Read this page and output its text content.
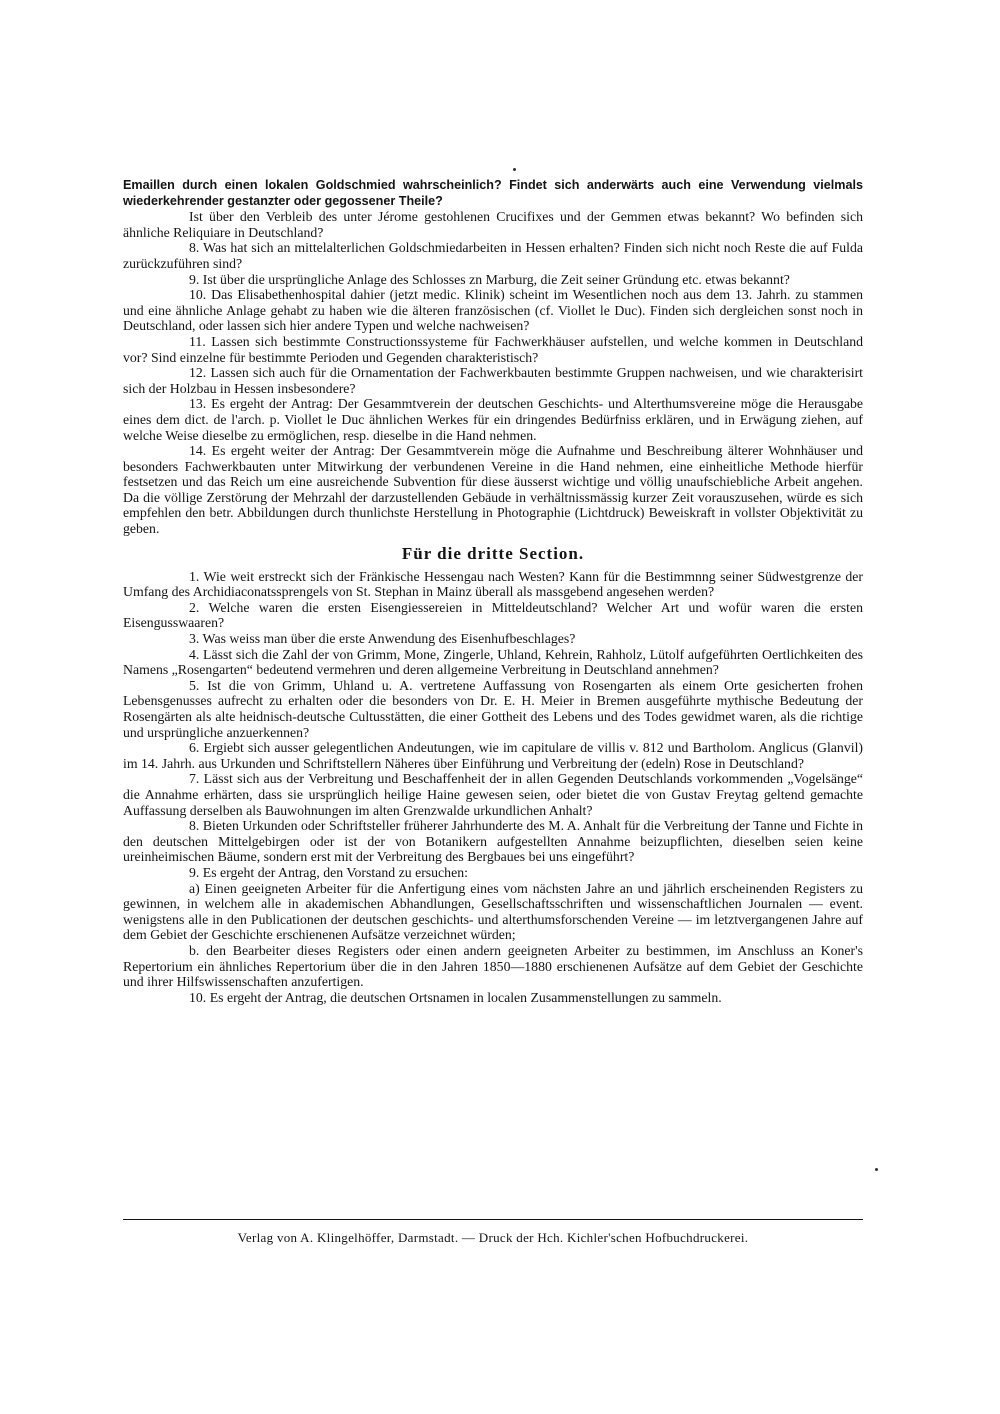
Emaillen durch einen lokalen Goldschmied wahrscheinlich? Findet sich anderwärts auch eine Verwendung vielmals wiederkehrender gestanzter oder gegossener Theile?

Ist über den Verbleib des unter Jérome gestohlenen Crucifixes und der Gemmen etwas bekannt? Wo befinden sich ähnliche Reliquiare in Deutschland?

8. Was hat sich an mittelalterlichen Goldschmiedarbeiten in Hessen erhalten? Finden sich nicht noch Reste die auf Fulda zurückzuführen sind?

9. Ist über die ursprüngliche Anlage des Schlosses zn Marburg, die Zeit seiner Gründung etc. etwas bekannt?

10. Das Elisabethenhospital dahier (jetzt medic. Klinik) scheint im Wesentlichen noch aus dem 13. Jahrh. zu stammen und eine ähnliche Anlage gehabt zu haben wie die älteren französischen (cf. Viollet le Duc). Finden sich dergleichen sonst noch in Deutschland, oder lassen sich hier andere Typen und welche nachweisen?

11. Lassen sich bestimmte Constructionssysteme für Fachwerkhäuser aufstellen, und welche kommen in Deutschland vor? Sind einzelne für bestimmte Perioden und Gegenden charakteristisch?

12. Lassen sich auch für die Ornamentation der Fachwerkbauten bestimmte Gruppen nachweisen, und wie charakterisirt sich der Holzbau in Hessen insbesondere?

13. Es ergeht der Antrag: Der Gesammtverein der deutschen Geschichts- und Alterthumsvereine möge die Herausgabe eines dem dict. de l'arch. p. Viollet le Duc ähnlichen Werkes für ein dringendes Bedürfniss erklären, und in Erwägung ziehen, auf welche Weise dieselbe zu ermöglichen, resp. dieselbe in die Hand nehmen.

14. Es ergeht weiter der Antrag: Der Gesammtverein möge die Aufnahme und Beschreibung älterer Wohnhäuser und besonders Fachwerkbauten unter Mitwirkung der verbundenen Vereine in die Hand nehmen, eine einheitliche Methode hierfür festsetzen und das Reich um eine ausreichende Subvention für diese äusserst wichtige und völlig unaufschiebliche Arbeit angehen. Da die völlige Zerstörung der Mehrzahl der darzustellenden Gebäude in verhältnissmässig kurzer Zeit vorauszusehen, würde es sich empfehlen den betr. Abbildungen durch thunlichste Herstellung in Photographie (Lichtdruck) Beweiskraft in vollster Objektivität zu geben.

Für die dritte Section.

1. Wie weit erstreckt sich der Fränkische Hessengau nach Westen? Kann für die Bestimmnng seiner Südwestgrenze der Umfang des Archidiaconatssprengels von St. Stephan in Mainz überall als massgebend angesehen werden?

2. Welche waren die ersten Eisengiessereien in Mitteldeutschland? Welcher Art und wofür waren die ersten Eisengusswaaren?

3. Was weiss man über die erste Anwendung des Eisenhufbeschlages?

4. Lässt sich die Zahl der von Grimm, Mone, Zingerle, Uhland, Kehrein, Rahholz, Lütolf aufgeführten Oertlichkeiten des Namens „Rosengarten“ bedeutend vermehren und deren allgemeine Verbreitung in Deutschland annehmen?

5. Ist die von Grimm, Uhland u. A. vertretene Auffassung von Rosengarten als einem Orte gesicherten frohen Lebensgenusses aufrecht zu erhalten oder die besonders von Dr. E. H. Meier in Bremen ausgeführte mythische Bedeutung der Rosengärten als alte heidnisch-deutsche Cultusstätten, die einer Gottheit des Lebens und des Todes gewidmet waren, als die richtige und ursprüngliche anzuerkennen?

6. Ergiebt sich ausser gelegentlichen Andeutungen, wie im capitulare de villis v. 812 und Bartholom. Anglicus (Glanvil) im 14. Jahrh. aus Urkunden und Schriftstellern Näheres über Einführung und Verbreitung der (edeln) Rose in Deutschland?

7. Lässt sich aus der Verbreitung und Beschaffenheit der in allen Gegenden Deutschlands vorkommenden „Vogelsänge“ die Annahme erhärten, dass sie ursprünglich heilige Haine gewesen seien, oder bietet die von Gustav Freytag geltend gemachte Auffassung derselben als Bauwohnungen im alten Grenzwalde urkundlichen Anhalt?

8. Bieten Urkunden oder Schriftsteller früherer Jahrhunderte des M. A. Anhalt für die Verbreitung der Tanne und Fichte in den deutschen Mittelgebirgen oder ist der von Botanikern aufgestellten Annahme beizupflichten, dieselben seien keine ureinheimischen Bäume, sondern erst mit der Verbreitung des Bergbaues bei uns eingeführt?

9. Es ergeht der Antrag, den Vorstand zu ersuchen:

a) Einen geeigneten Arbeiter für die Anfertigung eines vom nächsten Jahre an und jährlich erscheinenden Registers zu gewinnen, in welchem alle in akademischen Abhandlungen, Gesellschaftsschriften und wissenschaftlichen Journalen — event. wenigstens alle in den Publicationen der deutschen geschichts- und alterthumsforschenden Vereine — im letztvergangenen Jahre auf dem Gebiet der Geschichte erschienenen Aufsätze verzeichnet würden;

b. den Bearbeiter dieses Registers oder einen andern geeigneten Arbeiter zu bestimmen, im Anschluss an Koner's Repertorium ein ähnliches Repertorium über die in den Jahren 1850—1880 erschienenen Aufsätze auf dem Gebiet der Geschichte und ihrer Hilfswissenschaften anzufertigen.

10. Es ergeht der Antrag, die deutschen Ortsnamen in localen Zusammenstellungen zu sammeln.

Verlag von A. Klingelhöffer, Darmstadt. — Druck der Hch. Kichler'schen Hofbuchdruckerei.
